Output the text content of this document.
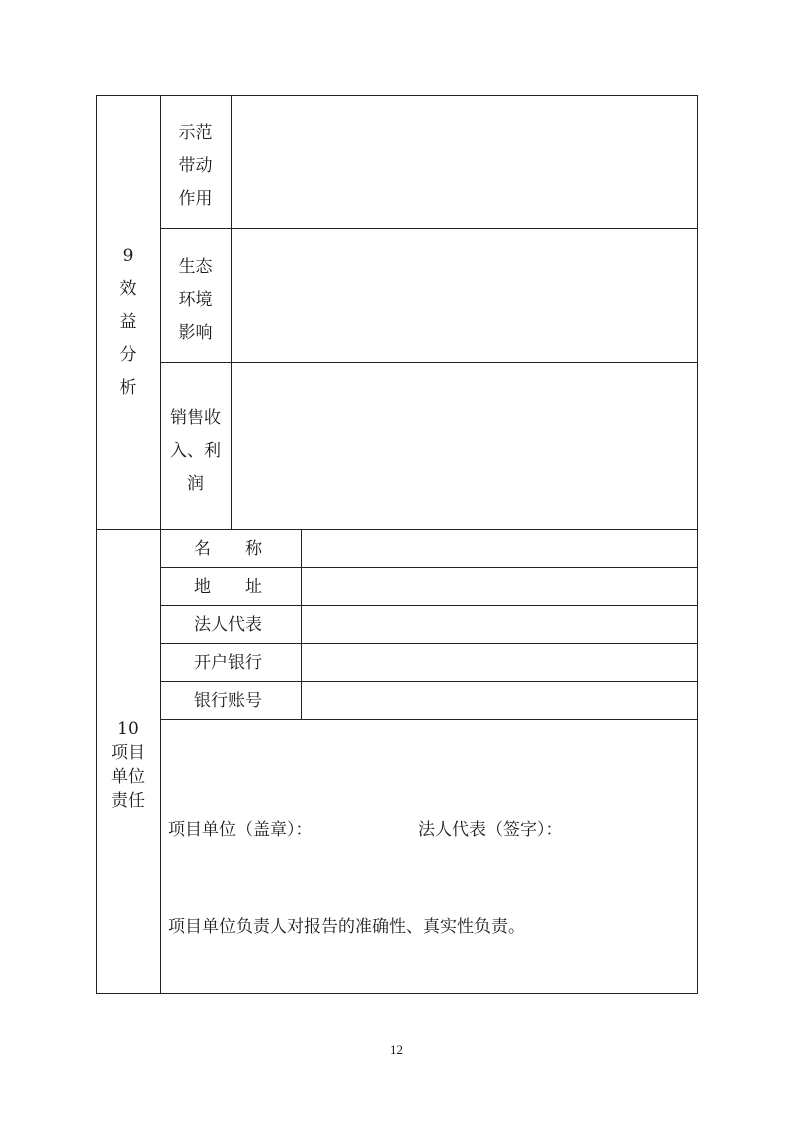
9
效
益
分
析
示范
带动
作用
生态
环境
影响
销售收
入、利
润
10
项目
单位
责任
名　　称
地　　址
法人代表
开户银行
银行账号
项目单位（盖章）：	法人代表（签字）：
项目单位负责人对报告的准确性、真实性负责。
12
